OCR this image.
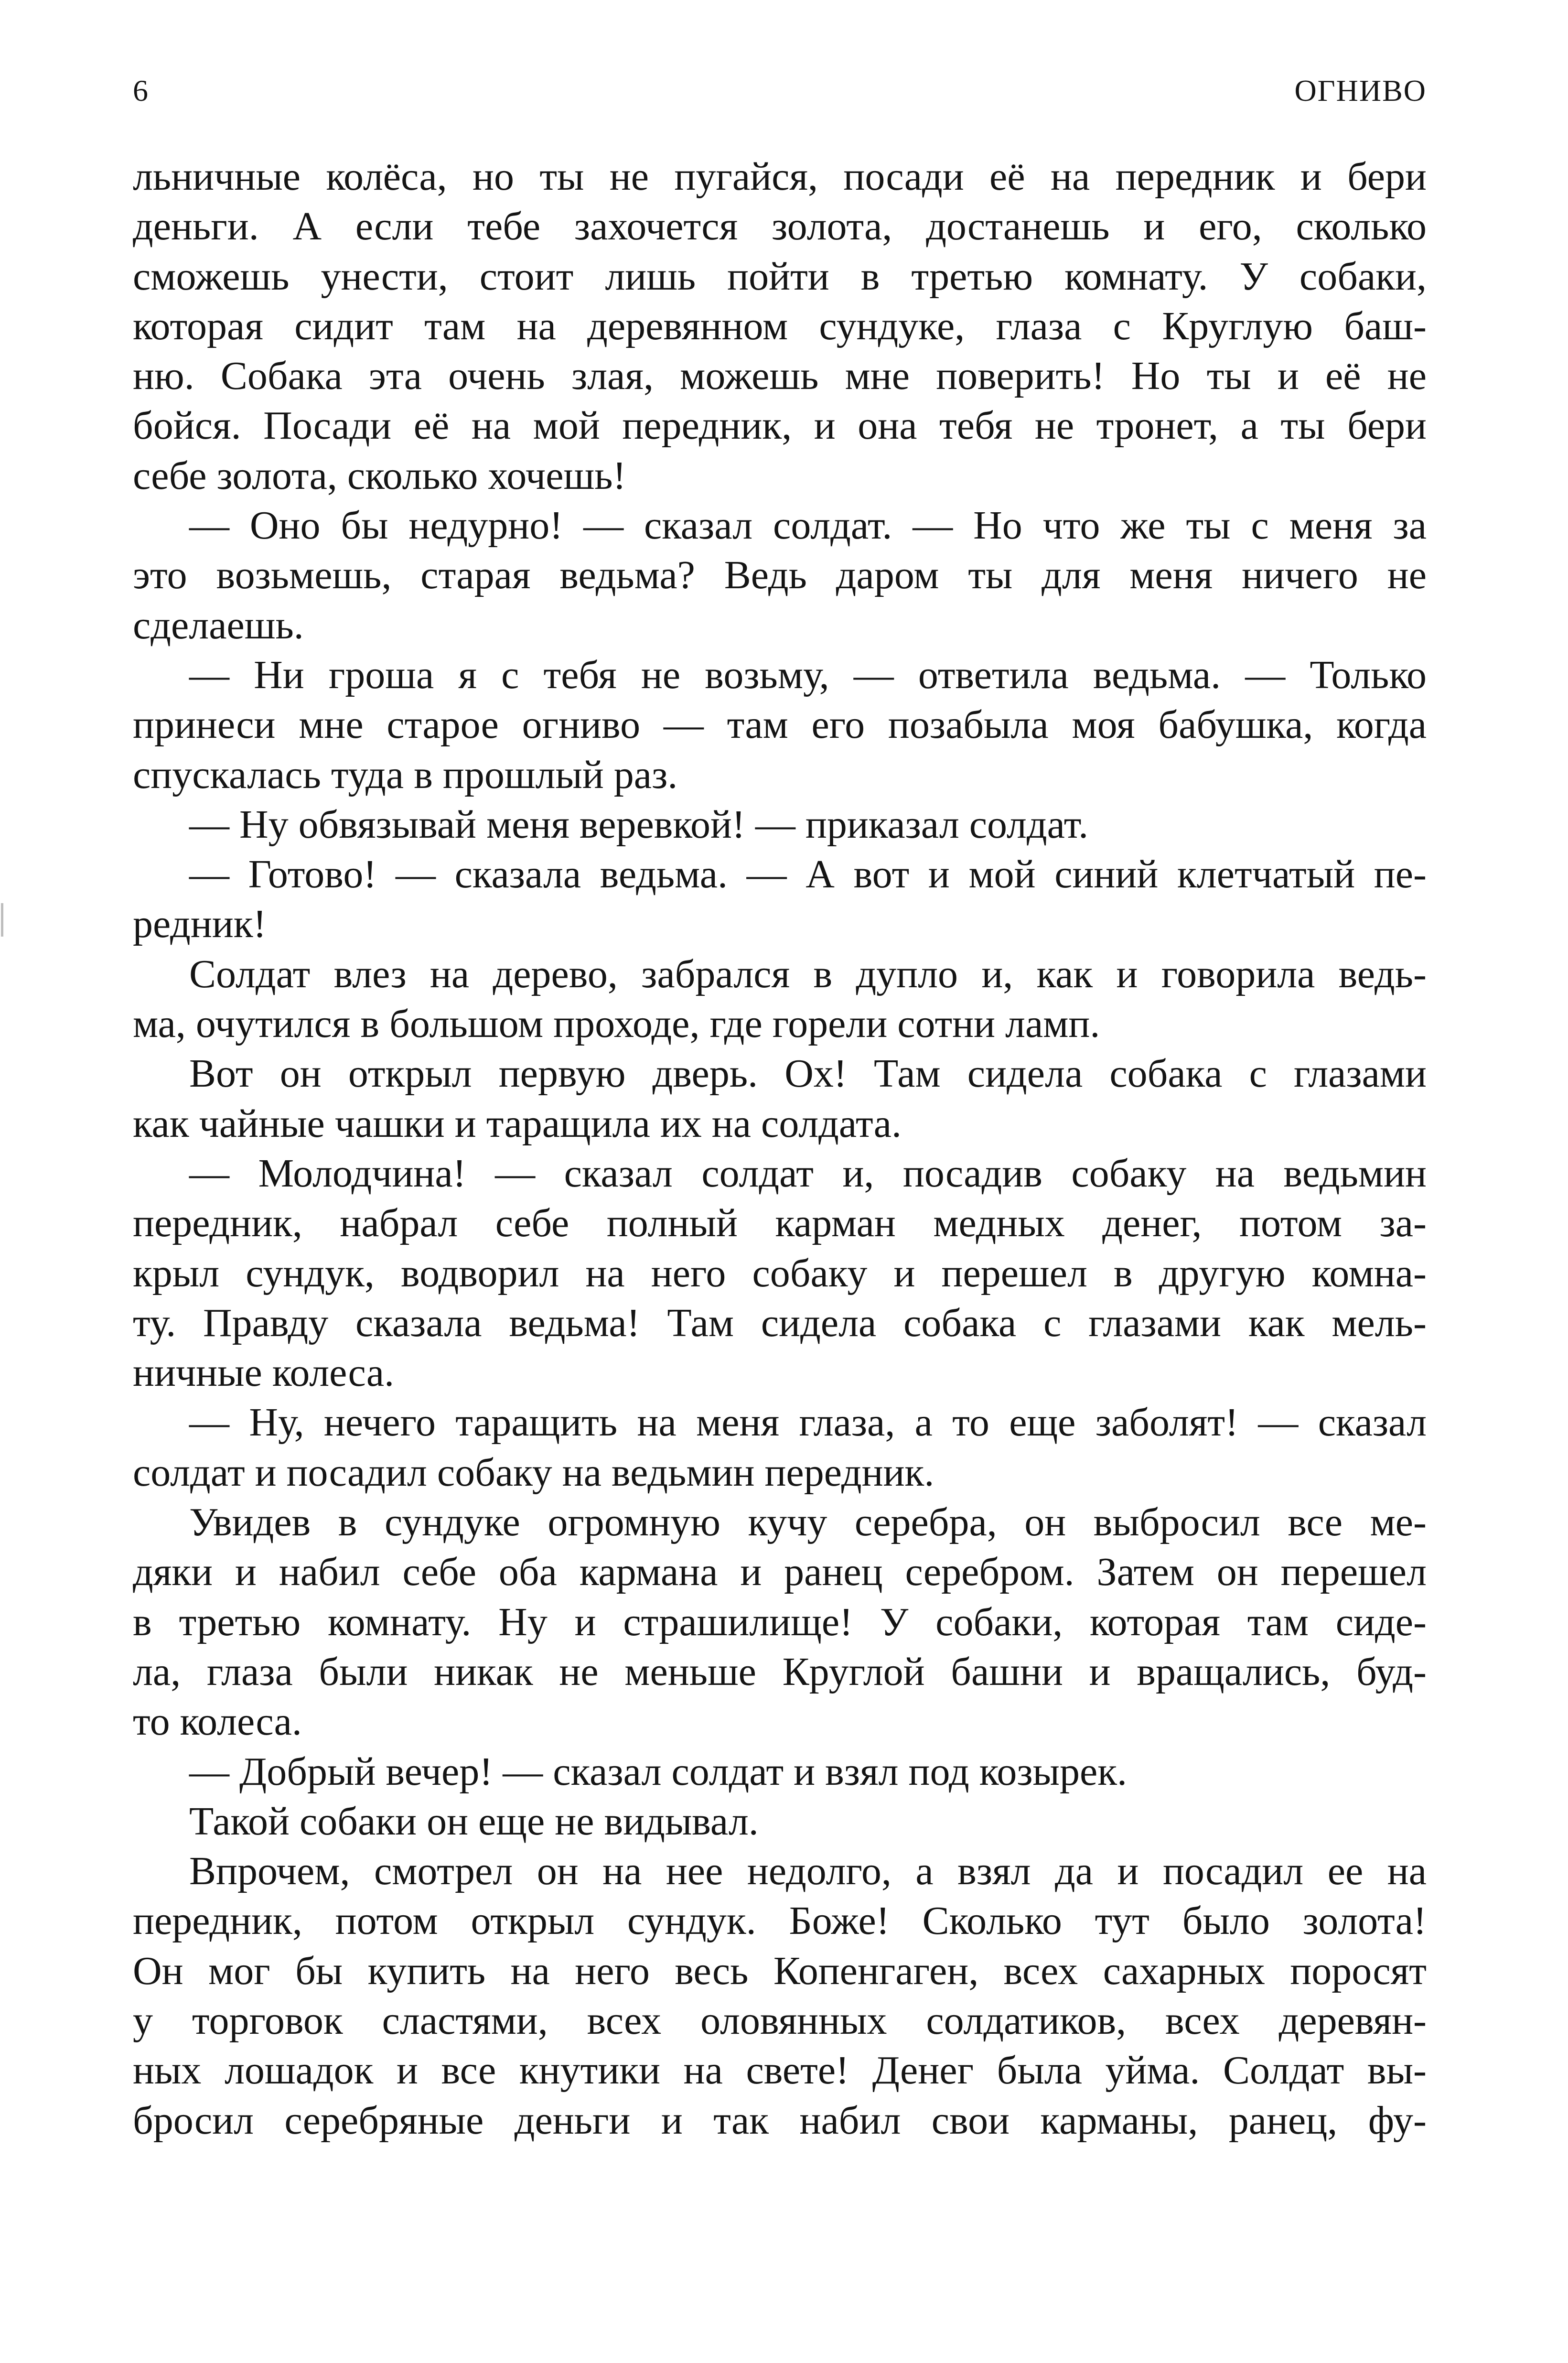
6	ОГНИВО
льничные колёса, но ты не пугайся, посади её на передник и бери
деньги. А если тебе захочется золота, достанешь и его, сколько
сможешь унести, стоит лишь пойти в третью комнату. У собаки,
которая сидит там на деревянном сундуке, глаза с Круглую баш-
ню. Собака эта очень злая, можешь мне поверить! Но ты и её не
бойся. Посади её на мой передник, и она тебя не тронет, а ты бери
себе золота, сколько хочешь!
— Оно бы недурно! — сказал солдат. — Но что же ты с меня за
это возьмешь, старая ведьма? Ведь даром ты для меня ничего не
сделаешь.
— Ни гроша я с тебя не возьму, — ответила ведьма. — Только
принеси мне старое огниво — там его позабыла моя бабушка, когда
спускалась туда в прошлый раз.
— Ну обвязывай меня веревкой! — приказал солдат.
— Готово! — сказала ведьма. — А вот и мой синий клетчатый пе-
редник!
Солдат влез на дерево, забрался в дупло и, как и говорила ведь-
ма, очутился в большом проходе, где горели сотни ламп.
Вот он открыл первую дверь. Ох! Там сидела собака с глазами
как чайные чашки и таращила их на солдата.
— Молодчина! — сказал солдат и, посадив собаку на ведьмин
передник, набрал себе полный карман медных денег, потом за-
крыл сундук, водворил на него собаку и перешел в другую комна-
ту. Правду сказала ведьма! Там сидела собака с глазами как мель-
ничные колеса.
— Ну, нечего таращить на меня глаза, а то еще заболят! — сказал
солдат и посадил собаку на ведьмин передник.
Увидев в сундуке огромную кучу серебра, он выбросил все ме-
дяки и набил себе оба кармана и ранец серебром. Затем он перешел
в третью комнату. Ну и страшилище! У собаки, которая там сиде-
ла, глаза были никак не меньше Круглой башни и вращались, буд-
то колеса.
— Добрый вечер! — сказал солдат и взял под козырек.
Такой собаки он еще не видывал.
Впрочем, смотрел он на нее недолго, а взял да и посадил ее на
передник, потом открыл сундук. Боже! Сколько тут было золота!
Он мог бы купить на него весь Копенгаген, всех сахарных поросят
у торговок сластями, всех оловянных солдатиков, всех деревян-
ных лошадок и все кнутики на свете! Денег была уйма. Солдат вы-
бросил серебряные деньги и так набил свои карманы, ранец, фу-
